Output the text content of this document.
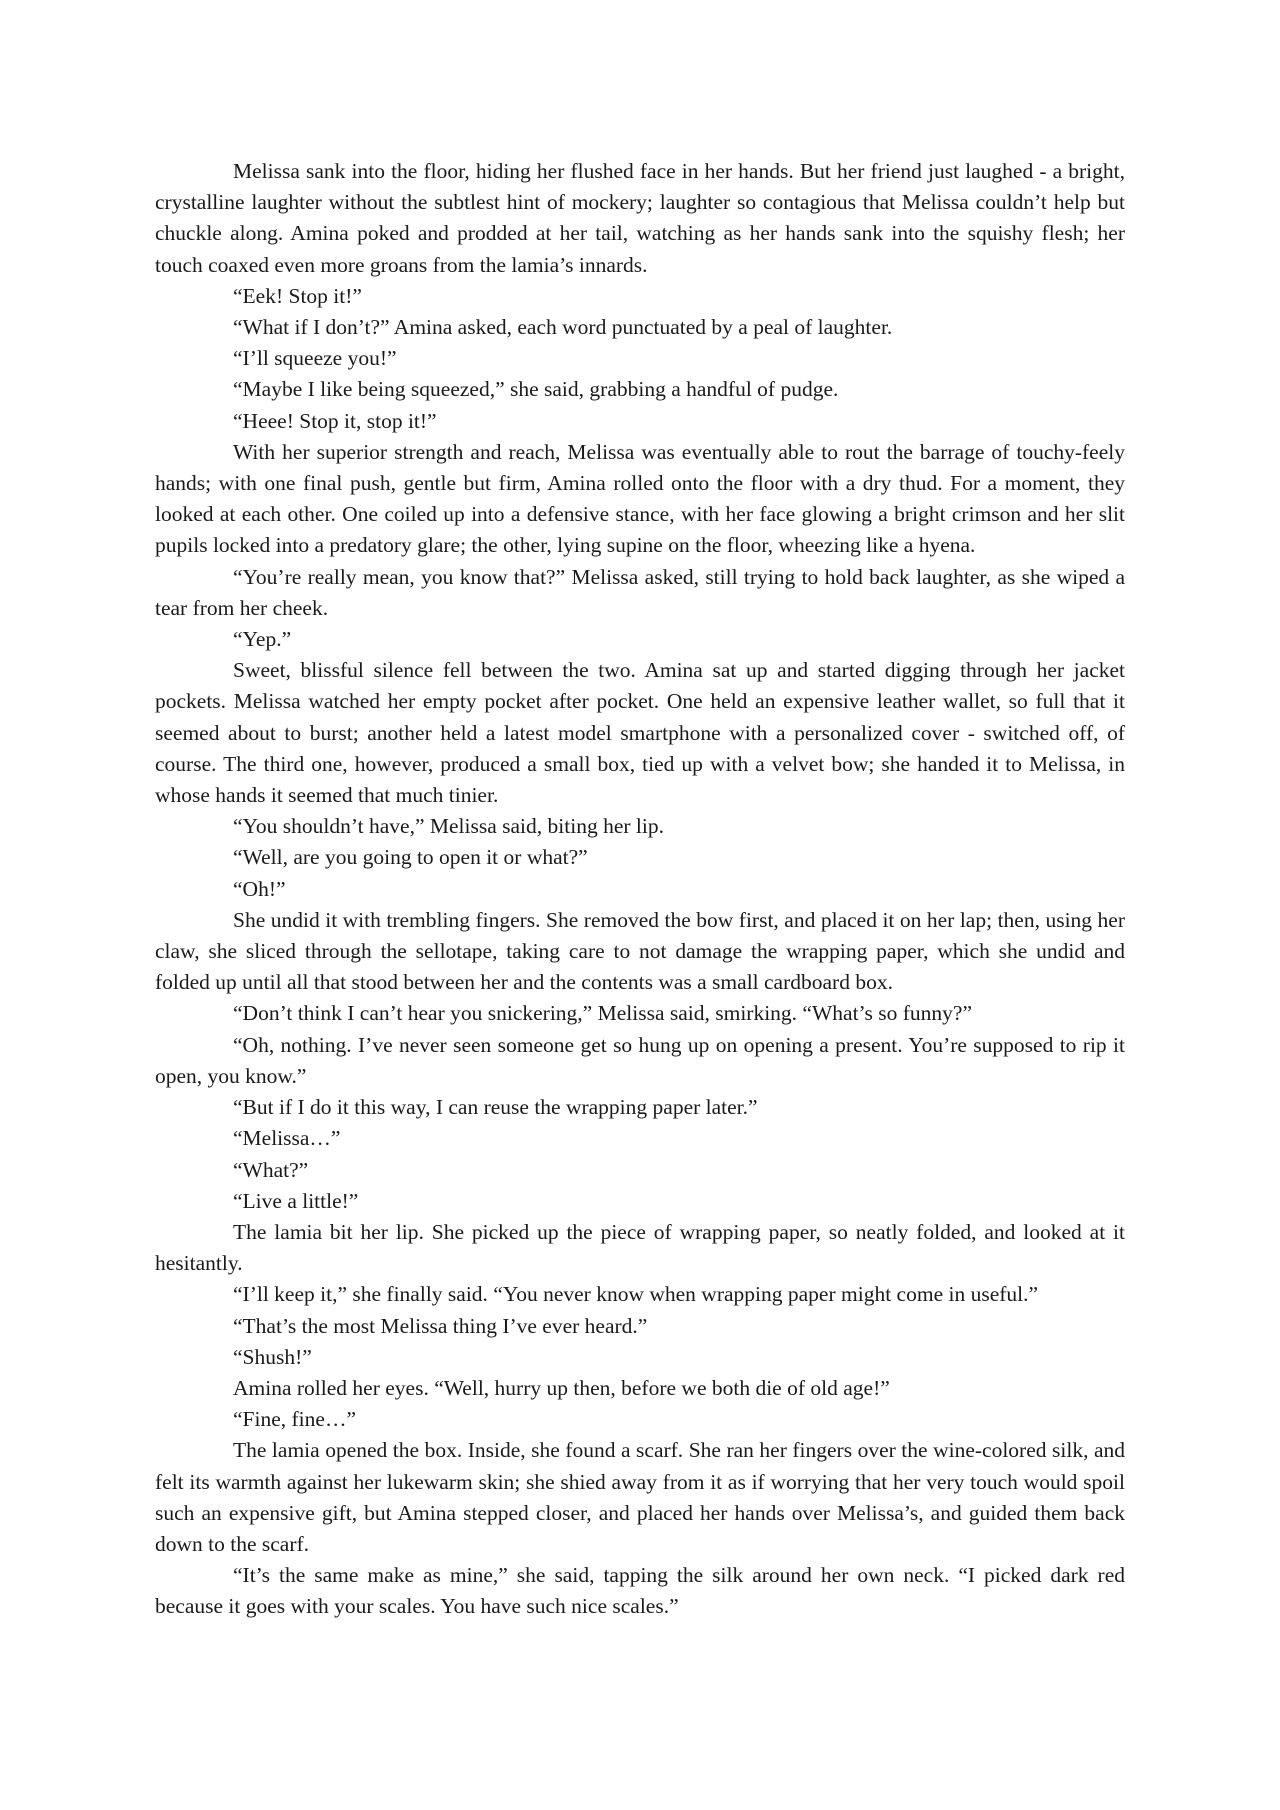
Melissa sank into the floor, hiding her flushed face in her hands. But her friend just laughed - a bright, crystalline laughter without the subtlest hint of mockery; laughter so contagious that Melissa couldn’t help but chuckle along. Amina poked and prodded at her tail, watching as her hands sank into the squishy flesh; her touch coaxed even more groans from the lamia’s innards.

“Eek! Stop it!”

“What if I don’t?” Amina asked, each word punctuated by a peal of laughter.

“I’ll squeeze you!”

“Maybe I like being squeezed,” she said, grabbing a handful of pudge.

“Heee! Stop it, stop it!”

With her superior strength and reach, Melissa was eventually able to rout the barrage of touchy-feely hands; with one final push, gentle but firm, Amina rolled onto the floor with a dry thud. For a moment, they looked at each other. One coiled up into a defensive stance, with her face glowing a bright crimson and her slit pupils locked into a predatory glare; the other, lying supine on the floor, wheezing like a hyena.

“You’re really mean, you know that?” Melissa asked, still trying to hold back laughter, as she wiped a tear from her cheek.

“Yep.”

Sweet, blissful silence fell between the two. Amina sat up and started digging through her jacket pockets. Melissa watched her empty pocket after pocket. One held an expensive leather wallet, so full that it seemed about to burst; another held a latest model smartphone with a personalized cover - switched off, of course. The third one, however, produced a small box, tied up with a velvet bow; she handed it to Melissa, in whose hands it seemed that much tinier.

“You shouldn’t have,” Melissa said, biting her lip.

“Well, are you going to open it or what?”

“Oh!”

She undid it with trembling fingers. She removed the bow first, and placed it on her lap; then, using her claw, she sliced through the sellotape, taking care to not damage the wrapping paper, which she undid and folded up until all that stood between her and the contents was a small cardboard box.

“Don’t think I can’t hear you snickering,” Melissa said, smirking. “What’s so funny?”

“Oh, nothing. I’ve never seen someone get so hung up on opening a present. You’re supposed to rip it open, you know.”

“But if I do it this way, I can reuse the wrapping paper later.”

“Melissa…”

“What?”

“Live a little!”

The lamia bit her lip. She picked up the piece of wrapping paper, so neatly folded, and looked at it hesitantly.

“I’ll keep it,” she finally said. “You never know when wrapping paper might come in useful.”

“That’s the most Melissa thing I’ve ever heard.”

“Shush!”

Amina rolled her eyes. “Well, hurry up then, before we both die of old age!”

“Fine, fine…”

The lamia opened the box. Inside, she found a scarf. She ran her fingers over the wine-colored silk, and felt its warmth against her lukewarm skin; she shied away from it as if worrying that her very touch would spoil such an expensive gift, but Amina stepped closer, and placed her hands over Melissa’s, and guided them back down to the scarf.

“It’s the same make as mine,” she said, tapping the silk around her own neck. “I picked dark red because it goes with your scales. You have such nice scales.”
